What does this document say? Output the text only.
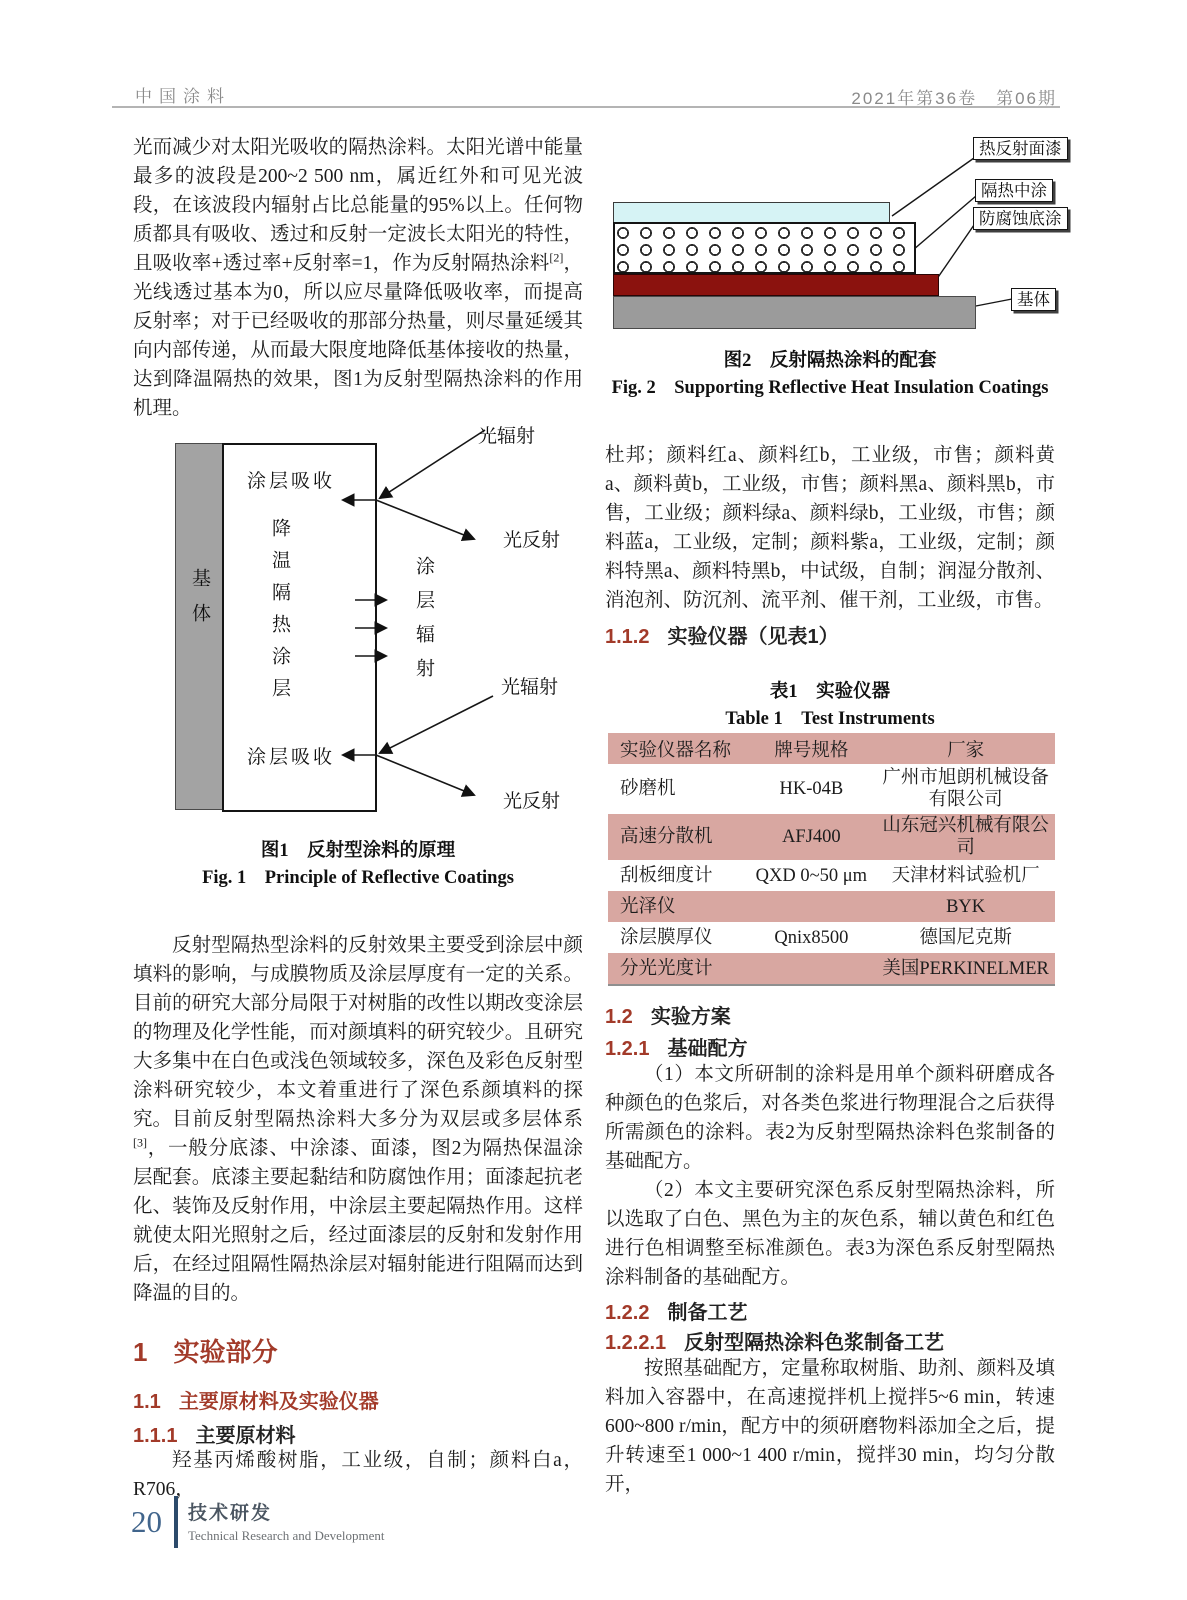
中国涂料	2021年第36卷　第06期
光而减少对太阳光吸收的隔热涂料。太阳光谱中能量最多的波段是200~2 500 nm，属近红外和可见光波段，在该波段内辐射占比总能量的95%以上。任何物质都具有吸收、透过和反射一定波长太阳光的特性，且吸收率+透过率+反射率=1，作为反射隔热涂料[2]，光线透过基本为0，所以应尽量降低吸收率，而提高反射率；对于已经吸收的那部分热量，则尽量延缓其向内部传递，从而最大限度地降低基体接收的热量，达到降温隔热的效果，图1为反射型隔热涂料的作用机理。
基体
涂层吸收
降温隔热涂层
涂层吸收
涂层辐射
光辐射
光反射
光辐射
光反射
图1　反射型涂料的原理
Fig. 1　Principle of Reflective Coatings
反射型隔热型涂料的反射效果主要受到涂层中颜填料的影响，与成膜物质及涂层厚度有一定的关系。目前的研究大部分局限于对树脂的改性以期改变涂层的物理及化学性能，而对颜填料的研究较少。且研究大多集中在白色或浅色领域较多，深色及彩色反射型涂料研究较少，本文着重进行了深色系颜填料的探究。 目前反射型隔热涂料大多分为双层或多层体系[3]，一般分底漆、中涂漆、面漆，图2为隔热保温涂层配套。底漆主要起黏结和防腐蚀作用；面漆起抗老化、装饰及反射作用，中涂层主要起隔热作用。这样就使太阳光照射之后，经过面漆层的反射和发射作用后，在经过阻隔性隔热涂层对辐射能进行阻隔而达到降温的目的。
1 实验部分
1.1 主要原材料及实验仪器
1.1.1 主要原材料
羟基丙烯酸树脂，工业级，自制；颜料白a，R706，
热反射面漆
隔热中涂
防腐蚀底涂
基体
图2　反射隔热涂料的配套
Fig. 2　Supporting Reflective Heat Insulation Coatings
杜邦；颜料红a、颜料红b，工业级，市售；颜料黄a、颜料黄b，工业级，市售；颜料黑a、颜料黑b，市售，工业级；颜料绿a、颜料绿b，工业级，市售；颜料蓝a，工业级，定制；颜料紫a，工业级，定制；颜料特黑a、颜料特黑b，中试级，自制；润湿分散剂、消泡剂、防沉剂、流平剂、催干剂，工业级，市售。
1.1.2 实验仪器（见表1）
表1　实验仪器
Table 1　Test Instruments
实验仪器名称	牌号规格	厂家
砂磨机	HK-04B	广州市旭朗机械设备有限公司
高速分散机	AFJ400	山东冠兴机械有限公司
刮板细度计	QXD 0~50 μm	天津材料试验机厂
光泽仪		BYK
涂层膜厚仪	Qnix8500	德国尼克斯
分光光度计		美国PERKINELMER
1.2 实验方案
1.2.1 基础配方
（1）本文所研制的涂料是用单个颜料研磨成各种颜色的色浆后，对各类色浆进行物理混合之后获得所需颜色的涂料。表2为反射型隔热涂料色浆制备的基础配方。
（2）本文主要研究深色系反射型隔热涂料，所以选取了白色、黑色为主的灰色系，辅以黄色和红色进行色相调整至标准颜色。表3为深色系反射型隔热涂料制备的基础配方。
1.2.2 制备工艺
1.2.2.1 反射型隔热涂料色浆制备工艺
按照基础配方，定量称取树脂、助剂、颜料及填料加入容器中，在高速搅拌机上搅拌5~6 min，转速600~800 r/min，配方中的须研磨物料添加全之后，提升转速至1 000~1 400 r/min，搅拌30 min，均匀分散开，
20 技术研发
Technical Research and Development
